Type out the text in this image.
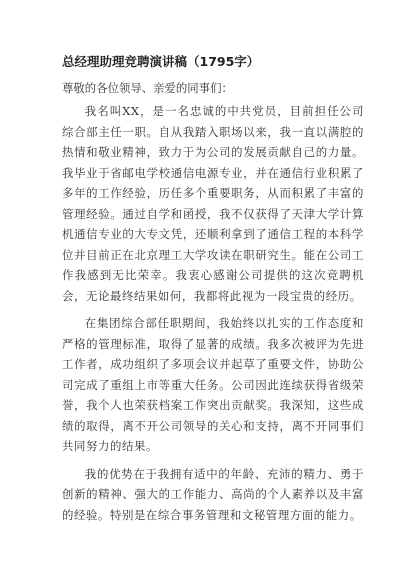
总经理助理竞聘演讲稿（1795字）

尊敬的各位领导、亲爱的同事们：

我名叫XX，是一名忠诚的中共党员，目前担任公司综合部主任一职。自从我踏入职场以来，我一直以满腔的热情和敬业精神，致力于为公司的发展贡献自己的力量。我毕业于省邮电学校通信电源专业，并在通信行业积累了多年的工作经验，历任多个重要职务，从而积累了丰富的管理经验。通过自学和函授，我不仅获得了天津大学计算机通信专业的大专文凭，还顺利拿到了通信工程的本科学位并目前正在北京理工大学攻读在职研究生。能在公司工作我感到无比荣幸。我衷心感谢公司提供的这次竞聘机会，无论最终结果如何，我都将此视为一段宝贵的经历。

在集团综合部任职期间，我始终以扎实的工作态度和严格的管理标准，取得了显著的成绩。我多次被评为先进工作者，成功组织了多项会议并起草了重要文件，协助公司完成了重组上市等重大任务。公司因此连续获得省级荣誉，我个人也荣获档案工作突出贡献奖。我深知，这些成绩的取得，离不开公司领导的关心和支持，离不开同事们共同努力的结果。

我的优势在于我拥有适中的年龄、充沛的精力、勇于创新的精神、强大的工作能力、高尚的个人素养以及丰富的经验。特别是在综合事务管理和文秘管理方面的能力。
